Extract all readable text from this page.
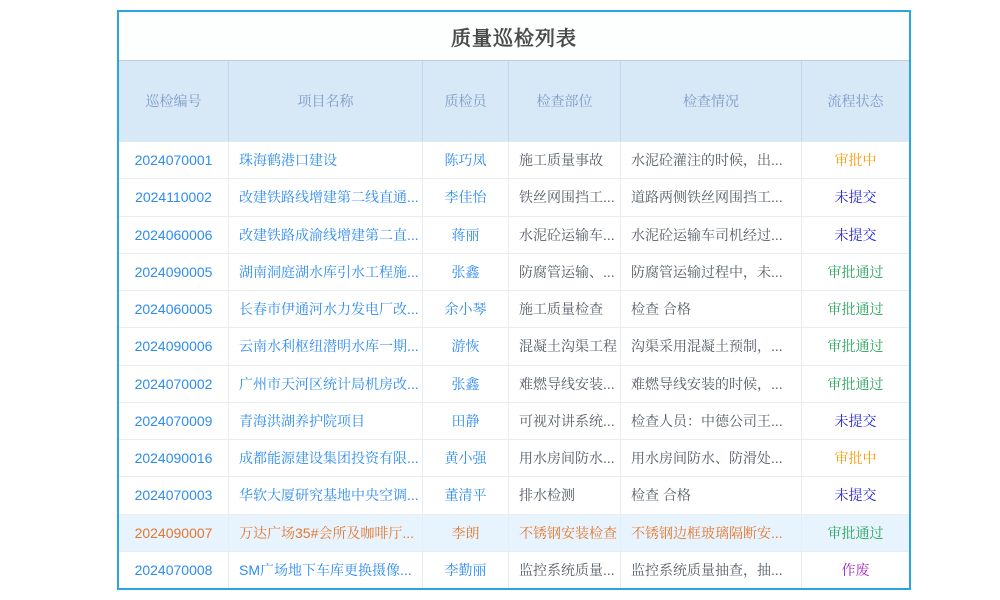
质量巡检列表
巡检编号	项目名称	质检员	检查部位	检查情况	流程状态
2024070001	珠海鹤港口建设	陈巧凤	施工质量事故	水泥砼灌注的时候，出...	审批中
2024110002	改建铁路线增建第二线直通...	李佳怡	铁丝网围挡工...	道路两侧铁丝网围挡工...	未提交
2024060006	改建铁路成渝线增建第二直...	蒋丽	水泥砼运输车...	水泥砼运输车司机经过...	未提交
2024090005	湖南洞庭湖水库引水工程施...	张鑫	防腐管运输、...	防腐管运输过程中，未...	审批通过
2024060005	长春市伊通河水力发电厂改...	余小琴	施工质量检查	检查 合格	审批通过
2024090006	云南水利枢纽潜明水库一期...	游恢	混凝土沟渠工程	沟渠采用混凝土预制，...	审批通过
2024070002	广州市天河区统计局机房改...	张鑫	难燃导线安装...	难燃导线安装的时候，...	审批通过
2024070009	青海洪湖养护院项目	田静	可视对讲系统...	检查人员：中德公司王...	未提交
2024090016	成都能源建设集团投资有限...	黄小强	用水房间防水...	用水房间防水、防滑处...	审批中
2024070003	华软大厦研究基地中央空调...	董清平	排水检测	检查 合格	未提交
2024090007	万达广场35#会所及咖啡厅...	李朗	不锈钢安装检查	不锈钢边框玻璃隔断安...	审批通过
2024070008	SM广场地下车库更换摄像...	李勤丽	监控系统质量...	监控系统质量抽查，抽...	作废
